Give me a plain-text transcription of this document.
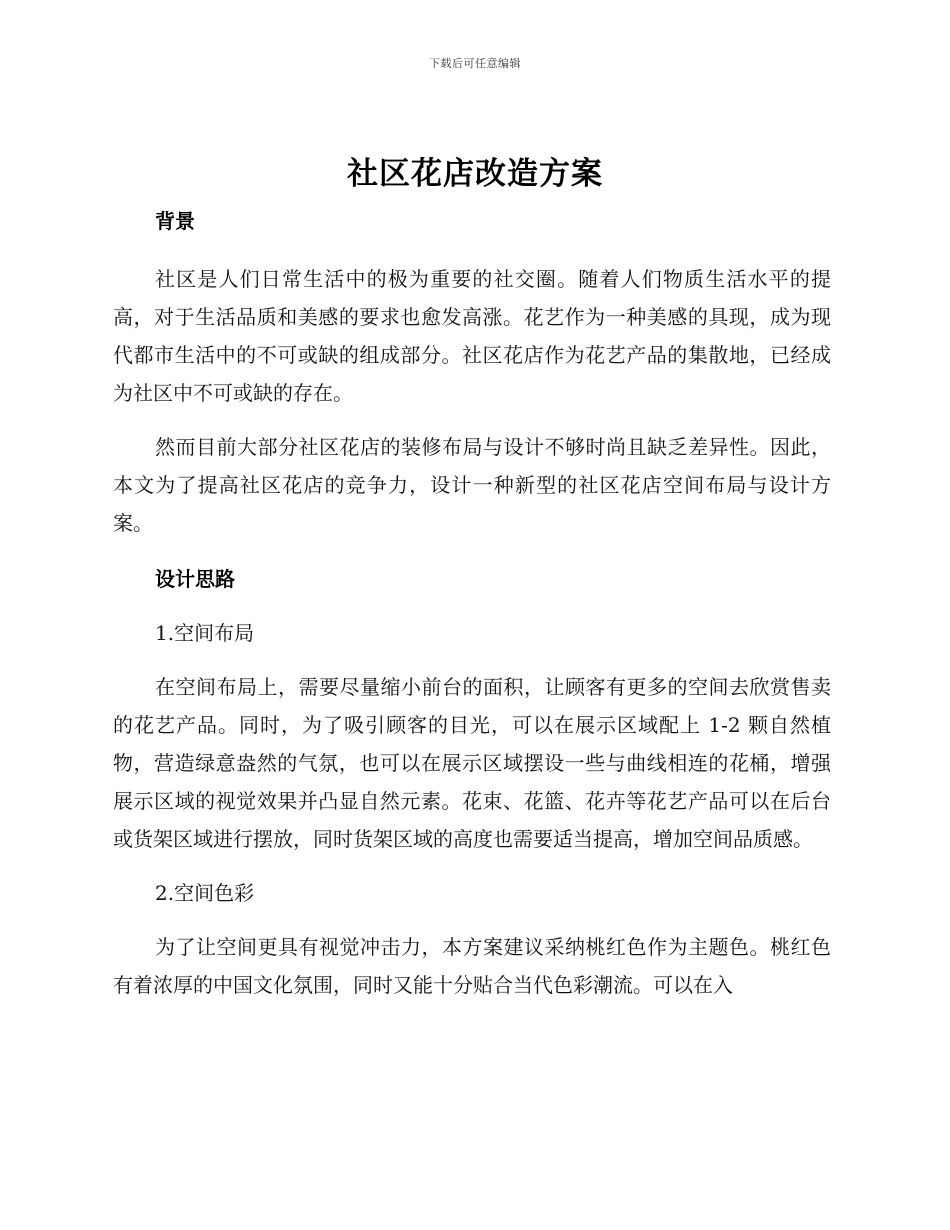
下载后可任意编辑
社区花店改造方案

背景

社区是人们日常生活中的极为重要的社交圈。随着人们物质生活水平的提高，对于生活品质和美感的要求也愈发高涨。花艺作为一种美感的具现，成为现代都市生活中的不可或缺的组成部分。社区花店作为花艺产品的集散地，已经成为社区中不可或缺的存在。

然而目前大部分社区花店的装修布局与设计不够时尚且缺乏差异性。因此，本文为了提高社区花店的竞争力，设计一种新型的社区花店空间布局与设计方案。

设计思路

1.空间布局

在空间布局上，需要尽量缩小前台的面积，让顾客有更多的空间去欣赏售卖的花艺产品。同时，为了吸引顾客的目光，可以在展示区域配上 1-2 颗自然植物，营造绿意盎然的气氛，也可以在展示区域摆设一些与曲线相连的花桶，增强展示区域的视觉效果并凸显自然元素。花束、花篮、花卉等花艺产品可以在后台或货架区域进行摆放，同时货架区域的高度也需要适当提高，增加空间品质感。

2.空间色彩

为了让空间更具有视觉冲击力，本方案建议采纳桃红色作为主题色。桃红色有着浓厚的中国文化氛围，同时又能十分贴合当代色彩潮流。可以在入
